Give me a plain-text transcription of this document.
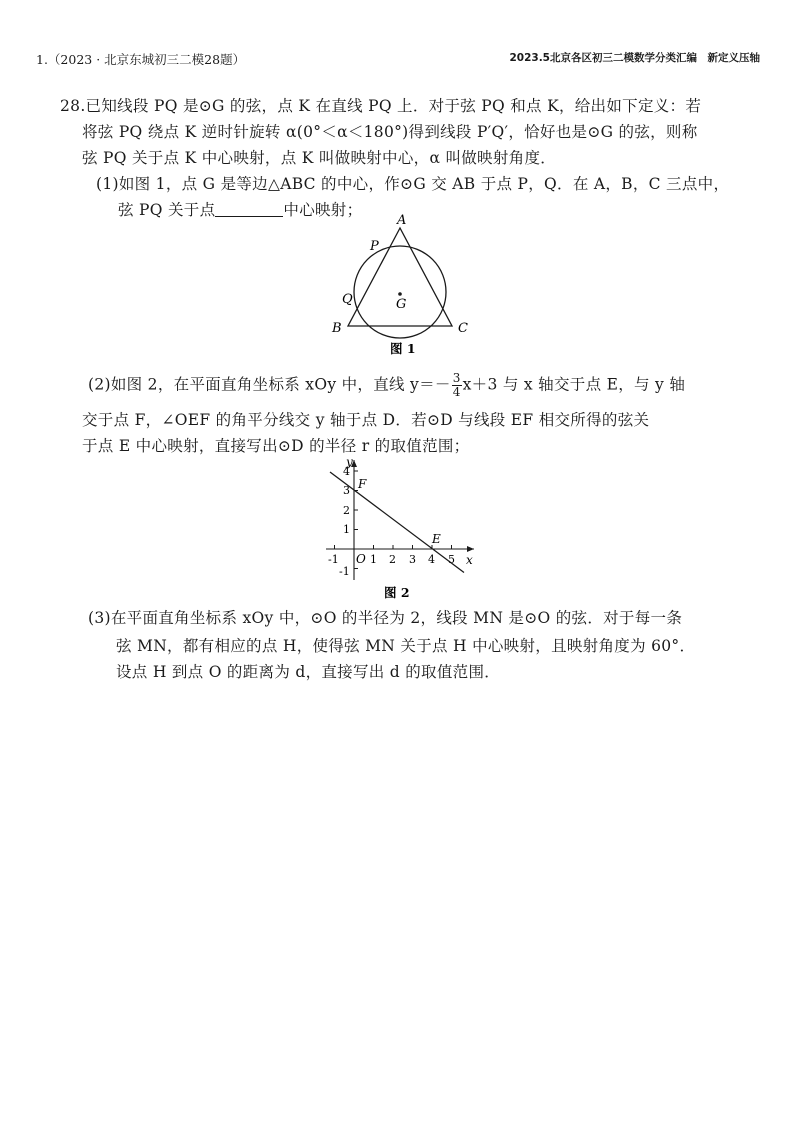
1.（2023 · 北京东城初三二模28题）	2023.5北京各区初三二模数学分类汇编　新定义压轴
28.已知线段 PQ 是⊙G 的弦，点 K 在直线 PQ 上．对于弦 PQ 和点 K，给出如下定义：若
将弦 PQ 绕点 K 逆时针旋转 α(0°＜α＜180°)得到线段 P′Q′，恰好也是⊙G 的弦，则称
弦 PQ 关于点 K 中心映射，点 K 叫做映射中心，α 叫做映射角度．
(1)如图 1，点 G 是等边△ABC 的中心，作⊙G 交 AB 于点 P，Q．在 A，B，C 三点中，
弦 PQ 关于点	中心映射；
A
P
Q	G
B	C
图 1
(2)如图 2，在平面直角坐标系 xOy 中，直线 $y=- \frac{3}{4} x+3$ 与 x 轴交于点 E，与 y 轴
交于点 F，∠OEF 的角平分线交 y 轴于点 D．若⊙D 与线段 EF 相交所得的弦关
于点 E 中心映射，直接写出⊙D 的半径 r 的取值范围；
y
x
O
F
E
-1	1 2 3 4 5
4
3
2
1
-1
图 2
(3)在平面直角坐标系 xOy 中，⊙O 的半径为 2，线段 MN 是⊙O 的弦．对于每一条
弦 MN，都有相应的点 H，使得弦 MN 关于点 H 中心映射，且映射角度为 60°．
设点 H 到点 O 的距离为 d，直接写出 d 的取值范围．
